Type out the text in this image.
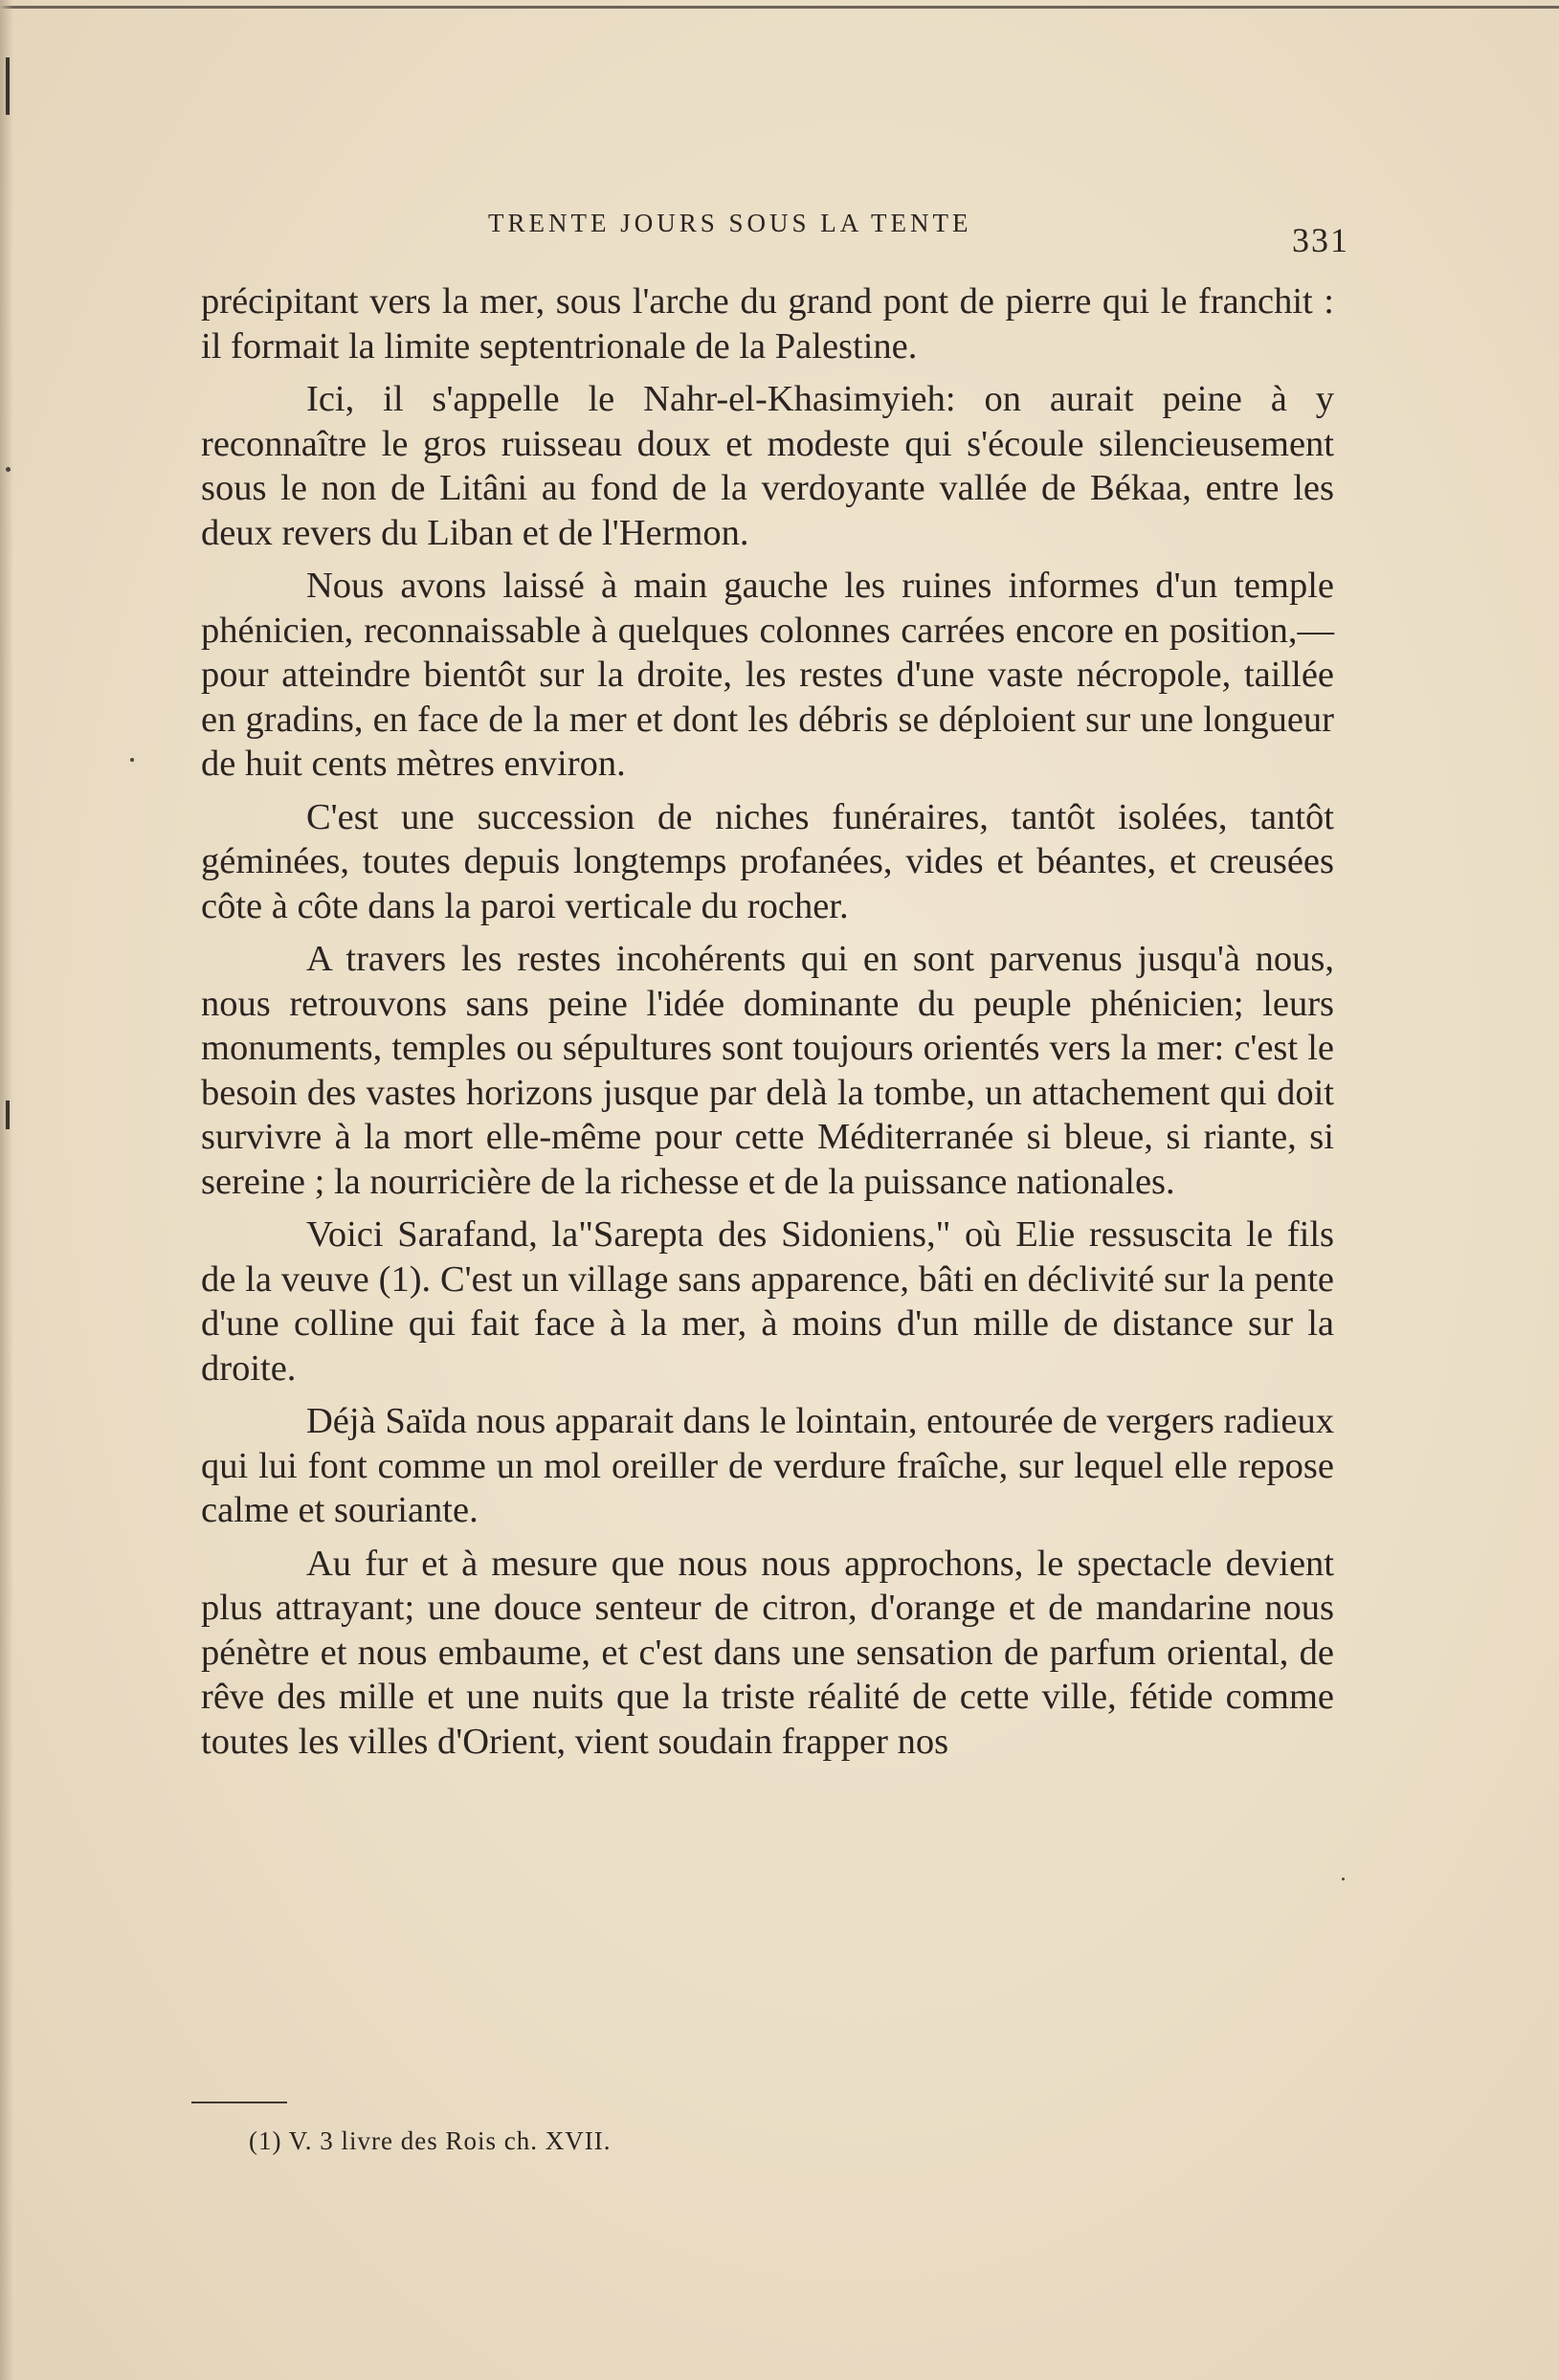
TRENTE JOURS SOUS LA TENTE	331

précipitant vers la mer, sous l'arche du grand pont de pierre qui le franchit : il formait la limite septentrionale de la Palestine.

Ici, il s'appelle le Nahr-el-Khasimyieh: on aurait peine à y reconnaître le gros ruisseau doux et modeste qui s'écoule silencieusement sous le non de Litâni au fond de la verdoyante vallée de Békaa, entre les deux revers du Liban et de l'Hermon.

Nous avons laissé à main gauche les ruines informes d'un temple phénicien, reconnaissable à quelques colonnes carrées encore en position,—pour atteindre bientôt sur la droite, les restes d'une vaste nécropole, taillée en gradins, en face de la mer et dont les débris se déploient sur une longueur de huit cents mètres environ.

C'est une succession de niches funéraires, tantôt isolées, tantôt géminées, toutes depuis longtemps profanées, vides et béantes, et creusées côte à côte dans la paroi verticale du rocher.

A travers les restes incohérents qui en sont parvenus jusqu'à nous, nous retrouvons sans peine l'idée dominante du peuple phénicien; leurs monuments, temples ou sépultures sont toujours orientés vers la mer: c'est le besoin des vastes horizons jusque par delà la tombe, un attachement qui doit survivre à la mort elle-même pour cette Méditerranée si bleue, si riante, si sereine ; la nourricière de la richesse et de la puissance nationales.

Voici Sarafand, la"Sarepta des Sidoniens," où Elie ressuscita le fils de la veuve (1). C'est un village sans apparence, bâti en déclivité sur la pente d'une colline qui fait face à la mer, à moins d'un mille de distance sur la droite.

Déjà Saïda nous apparait dans le lointain, entourée de vergers radieux qui lui font comme un mol oreiller de verdure fraîche, sur lequel elle repose calme et souriante.

Au fur et à mesure que nous nous approchons, le spectacle devient plus attrayant; une douce senteur de citron, d'orange et de mandarine nous pénètre et nous embaume, et c'est dans une sensation de parfum oriental, de rêve des mille et une nuits que la triste réalité de cette ville, fétide comme toutes les villes d'Orient, vient soudain frapper nos

(1) V. 3 livre des Rois ch. XVII.
